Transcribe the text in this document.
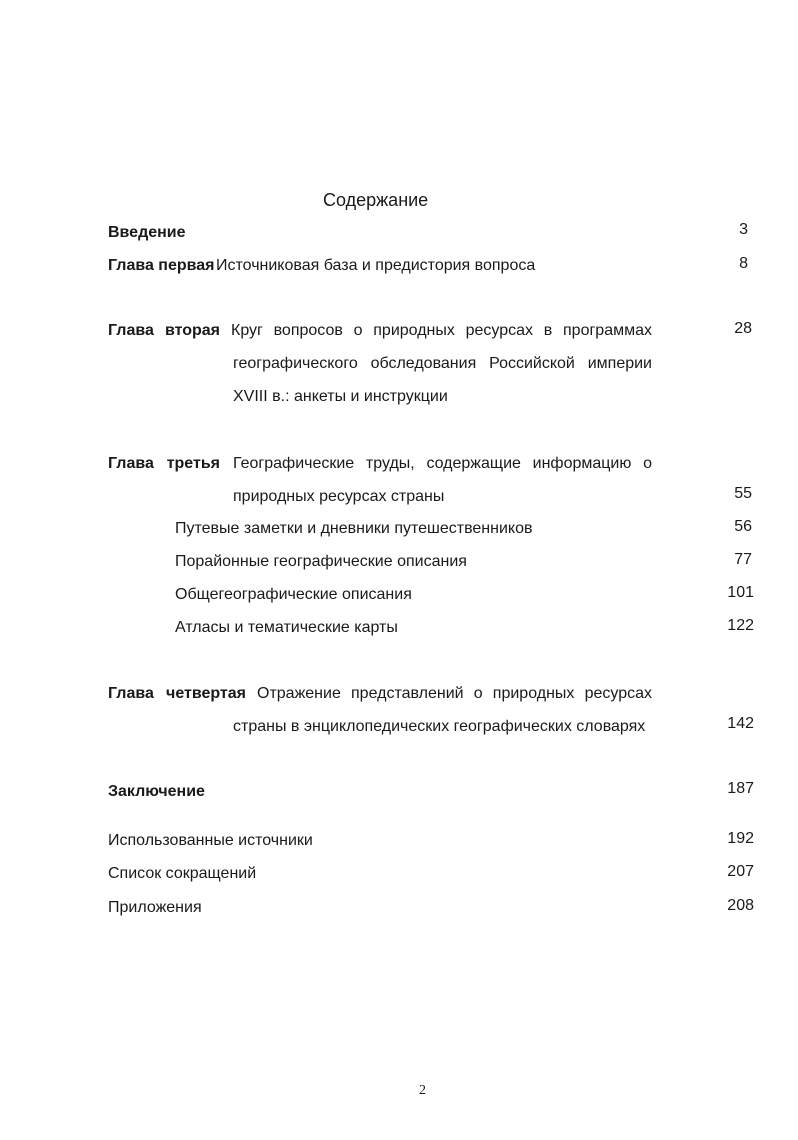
Содержание
Введение	3
Глава первая Источниковая база и предистория вопроса	8
Глава вторая Круг вопросов о природных ресурсах в программах	28
географического обследования Российской империи
XVIII в.: анкеты и инструкции
Глава третья Географические труды, содержащие информацию о
природных ресурсах страны	55
Путевые заметки и дневники путешественников	56
Порайонные географические описания	77
Общегеографические описания	101
Атласы и тематические карты	122
Глава четвертая Отражение представлений о природных ресурсах
страны в энциклопедических географических словарях	142
Заключение	187
Использованные источники	192
Список сокращений	207
Приложения	208
2
